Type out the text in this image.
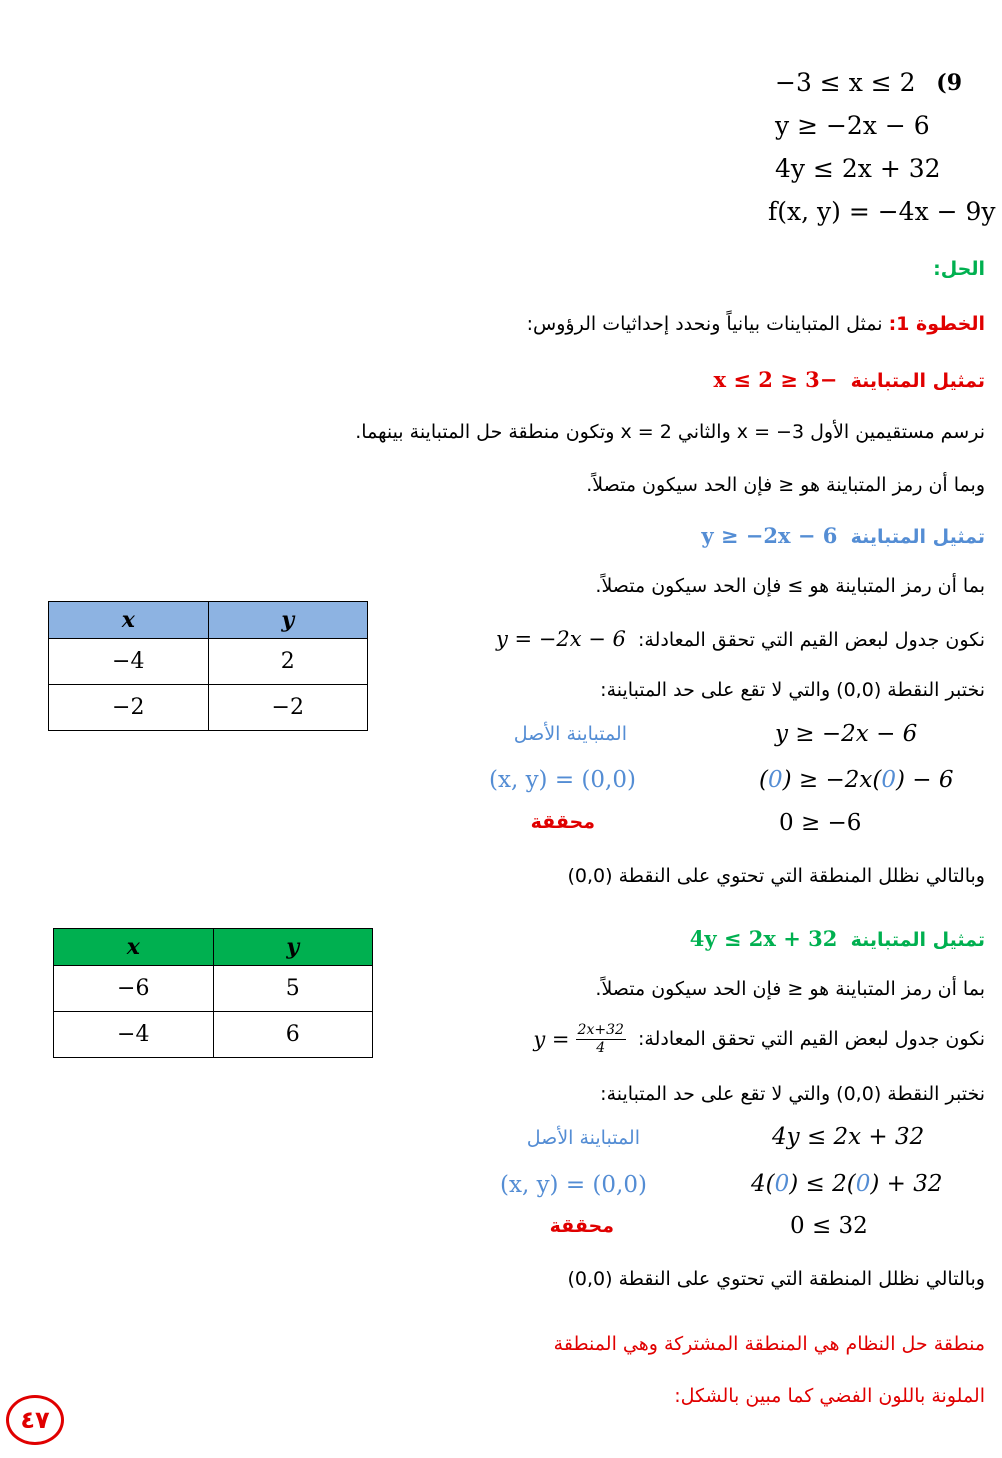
(9
−3 ≤ x ≤ 2
y ≥ −2x − 6
4y ≤ 2x + 32
f(x, y) = −4x − 9y
الحل:
الخطوة 1: نمثل المتباينات بيانياً ونحدد إحداثيات الرؤوس:
تمثيل المتباينة  −3 ≤ x ≤ 2
نرسم مستقيمين الأول x = −3 والثاني x = 2 وتكون منطقة حل المتباينة بينهما.
وبما أن رمز المتباينة هو ≤ فإن الحد سيكون متصلاً.
تمثيل المتباينة  y ≥ −2x − 6
بما أن رمز المتباينة هو ≥ فإن الحد سيكون متصلاً.
نكون جدول لبعض القيم التي تحقق المعادلة:  y = −2x − 6
نختبر النقطة (0,0) والتي لا تقع على حد المتباينة:
المتباينة الأصل	y ≥ −2x − 6
(x, y) = (0,0)	(0) ≥ −2x(0) − 6
محققة	0 ≥ −6
وبالتالي نظلل المنطقة التي تحتوي على النقطة (0,0)
x	y
−4	2
−2	−2
تمثيل المتباينة  4y ≤ 2x + 32
بما أن رمز المتباينة هو ≤ فإن الحد سيكون متصلاً.
نكون جدول لبعض القيم التي تحقق المعادلة:  $y = \frac{2x+32}{4}$
نختبر النقطة (0,0) والتي لا تقع على حد المتباينة:
المتباينة الأصل	4y ≤ 2x + 32
(x, y) = (0,0)	4(0) ≤ 2(0) + 32
محققة	0 ≤ 32
وبالتالي نظلل المنطقة التي تحتوي على النقطة (0,0)
x	y
−6	5
−4	6
منطقة حل النظام هي المنطقة المشتركة وهي المنطقة
الملونة باللون الفضي كما مبين بالشكل:
٤٧
